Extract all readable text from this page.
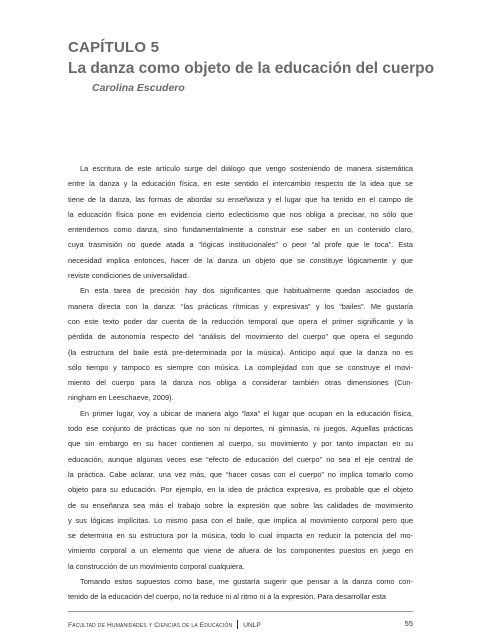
CAPÍTULO 5
La danza como objeto de la educación del cuerpo
Carolina Escudero
La escritura de este artículo surge del diálogo que vengo sosteniendo de manera sistemática
entre la danza y la educación física, en este sentido el intercambio respecto de la idea que se
tiene de la danza, las formas de abordar su enseñanza y el lugar que ha tenido en el campo de
la educación física pone en evidencia cierto eclecticismo que nos obliga a precisar, no sólo que
entendemos como danza, sino fundamentalmente a construir ese saber en un contenido claro,
cuya trasmisión no quede atada a “lógicas institucionales” o peor “al profe que le toca”. Esta
necesidad implica entonces, hacer de la danza un objeto que se constituye lógicamente y que
reviste condiciones de universalidad.
En esta tarea de precisión hay dos significantes que habitualmente quedan asociados de
manera directa con la danza: “las prácticas rítmicas y expresivas” y los “bailes”. Me gustaría
con este texto poder dar cuenta de la reducción temporal que opera el primer significante y la
pérdida de autonomía respecto del “análisis del movimiento del cuerpo” que opera el segundo
(la estructura del baile está pre-determinada por la música). Anticipo aquí que la danza no es
sólo tiempo y tampoco es siempre con música. La complejidad con que se construye el movi-
miento del cuerpo para la danza nos obliga a considerar también otras dimensiones (Cun-
ningham en Leeschaeve, 2009).
En primer lugar, voy a ubicar de manera algo “laxa” el lugar que ocupan en la educación física,
todo ese conjunto de prácticas que no son ni deportes, ni gimnasia, ni juegos. Aquellas prácticas
que sin embargo en su hacer contienen al cuerpo, su movimiento y por tanto impactan en su
educación, aunque algunas veces ese “efecto de educación del cuerpo” no sea el eje central de
la práctica. Cabe aclarar, una vez más, que “hacer cosas con el cuerpo” no implica tomarlo como
objeto para su educación. Por ejemplo, en la idea de práctica expresiva, es probable que el objeto
de su enseñanza sea más el trabajo sobre la expresión que sobre las calidades de movimiento
y sus lógicas implícitas. Lo mismo pasa con el baile, que implica al movimiento corporal pero que
se determina en su estructura por la música, todo lo cual impacta en reducir la potencia del mo-
vimiento corporal a un elemento que viene de afuera de los componentes puestos en juego en
la construcción de un movimiento corporal cualquiera.
Tomando estos supuestos como base, me gustaría sugerir que pensar a la danza como con-
tenido de la educación del cuerpo, no la reduce ni al ritmo ni a la expresión. Para desarrollar esta
Facultad de Humanidades y Ciencias de la Educación UNLP	55
